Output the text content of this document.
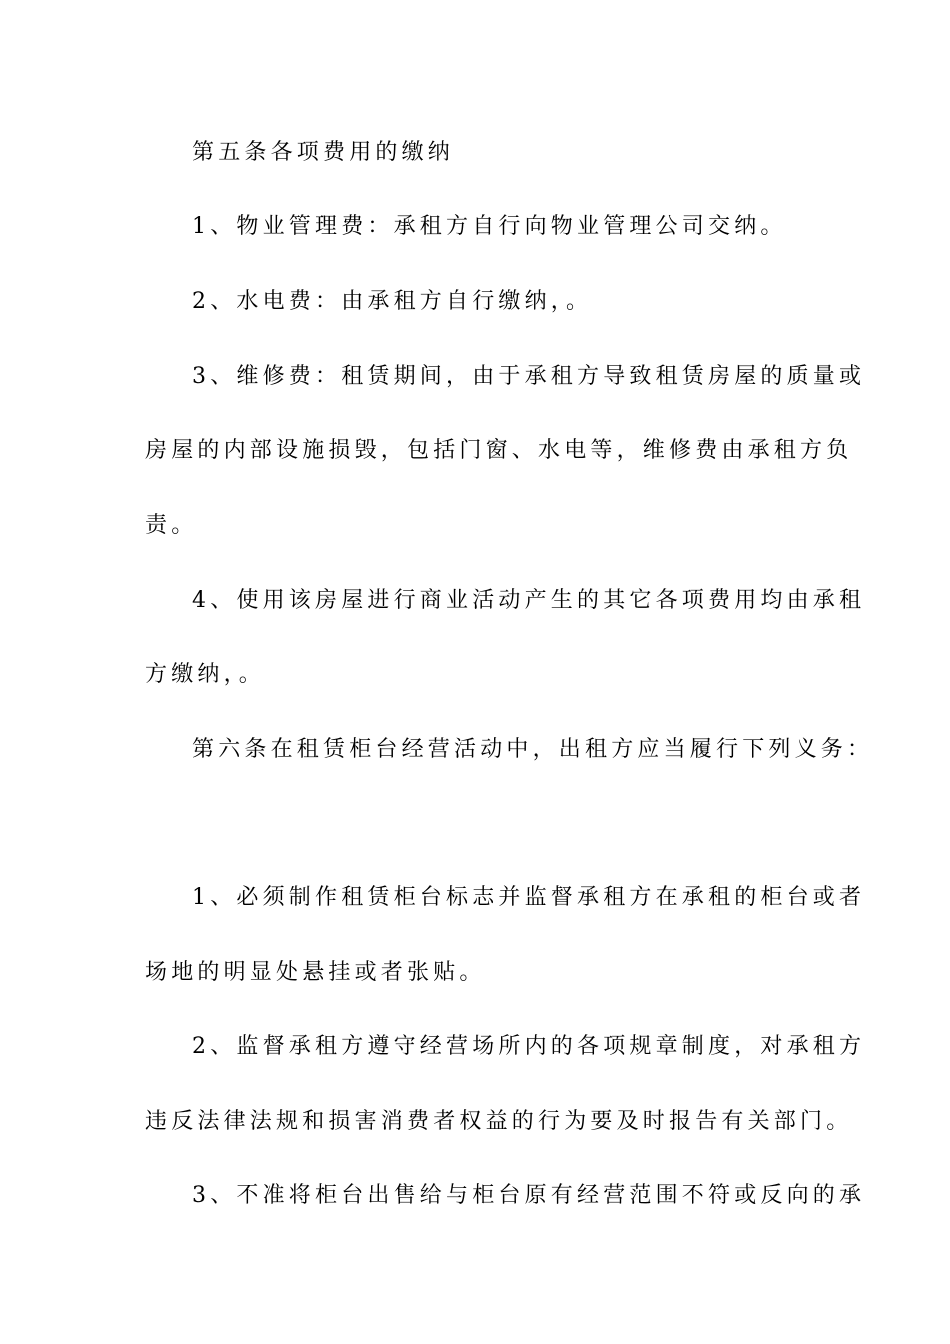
第五条各项费用的缴纳
1、物业管理费：承租方自行向物业管理公司交纳。
2、水电费：由承租方自行缴纳，。
3、维修费：租赁期间，由于承租方导致租赁房屋的质量或
房屋的内部设施损毁，包括门窗、水电等，维修费由承租方负
责。
4、使用该房屋进行商业活动产生的其它各项费用均由承租
方缴纳，。
第六条在租赁柜台经营活动中，出租方应当履行下列义务：
1、必须制作租赁柜台标志并监督承租方在承租的柜台或者
场地的明显处悬挂或者张贴。
2、监督承租方遵守经营场所内的各项规章制度，对承租方
违反法律法规和损害消费者权益的行为要及时报告有关部门。
3、不准将柜台出售给与柜台原有经营范围不符或反向的承
